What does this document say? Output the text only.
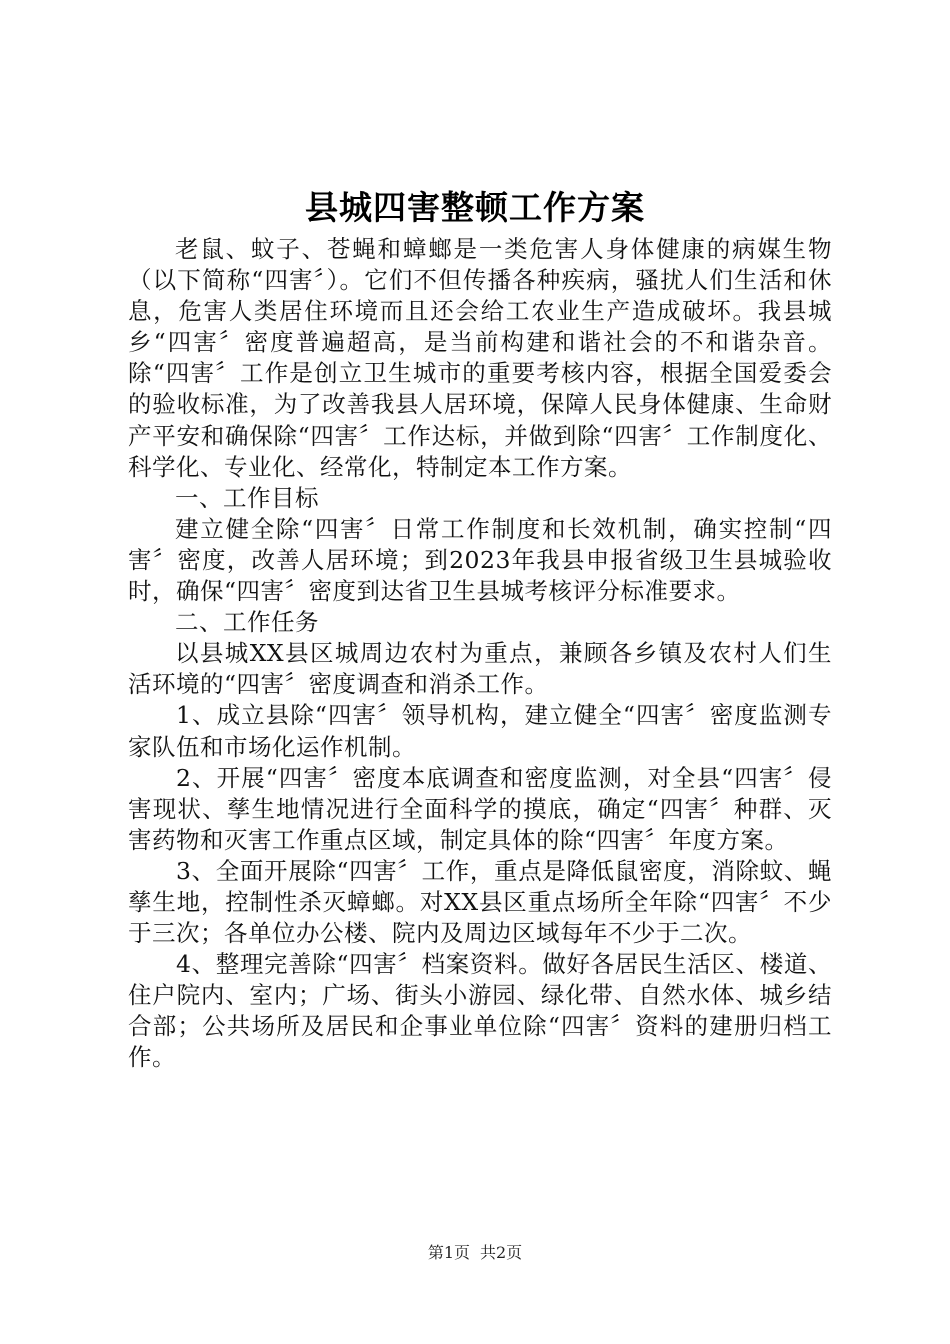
县城四害整顿工作方案

老鼠、蚊子、苍蝇和蟑螂是一类危害人身体健康的病媒生物（以下简称“四害〞）。它们不但传播各种疾病，骚扰人们生活和休息，危害人类居住环境而且还会给工农业生产造成破坏。我县城乡“四害〞密度普遍超高，是当前构建和谐社会的不和谐杂音。除“四害〞工作是创立卫生城市的重要考核内容，根据全国爱委会的验收标准，为了改善我县人居环境，保障人民身体健康、生命财产平安和确保除“四害〞工作达标，并做到除“四害〞工作制度化、科学化、专业化、经常化，特制定本工作方案。

一、工作目标

建立健全除“四害〞日常工作制度和长效机制，确实控制“四害〞密度，改善人居环境；到2023年我县申报省级卫生县城验收时，确保“四害〞密度到达省卫生县城考核评分标准要求。

二、工作任务

以县城XX县区城周边农村为重点，兼顾各乡镇及农村人们生活环境的“四害〞密度调查和消杀工作。

1、成立县除“四害〞领导机构，建立健全“四害〞密度监测专家队伍和市场化运作机制。

2、开展“四害〞密度本底调查和密度监测，对全县“四害〞侵害现状、孳生地情况进行全面科学的摸底，确定“四害〞种群、灭害药物和灭害工作重点区域，制定具体的除“四害〞年度方案。

3、全面开展除“四害〞工作，重点是降低鼠密度，消除蚊、蝇孳生地，控制性杀灭蟑螂。对XX县区重点场所全年除“四害〞不少于三次；各单位办公楼、院内及周边区域每年不少于二次。

4、整理完善除“四害〞档案资料。做好各居民生活区、楼道、住户院内、室内；广场、街头小游园、绿化带、自然水体、城乡结合部；公共场所及居民和企事业单位除“四害〞资料的建册归档工作。

第1页 共2页
